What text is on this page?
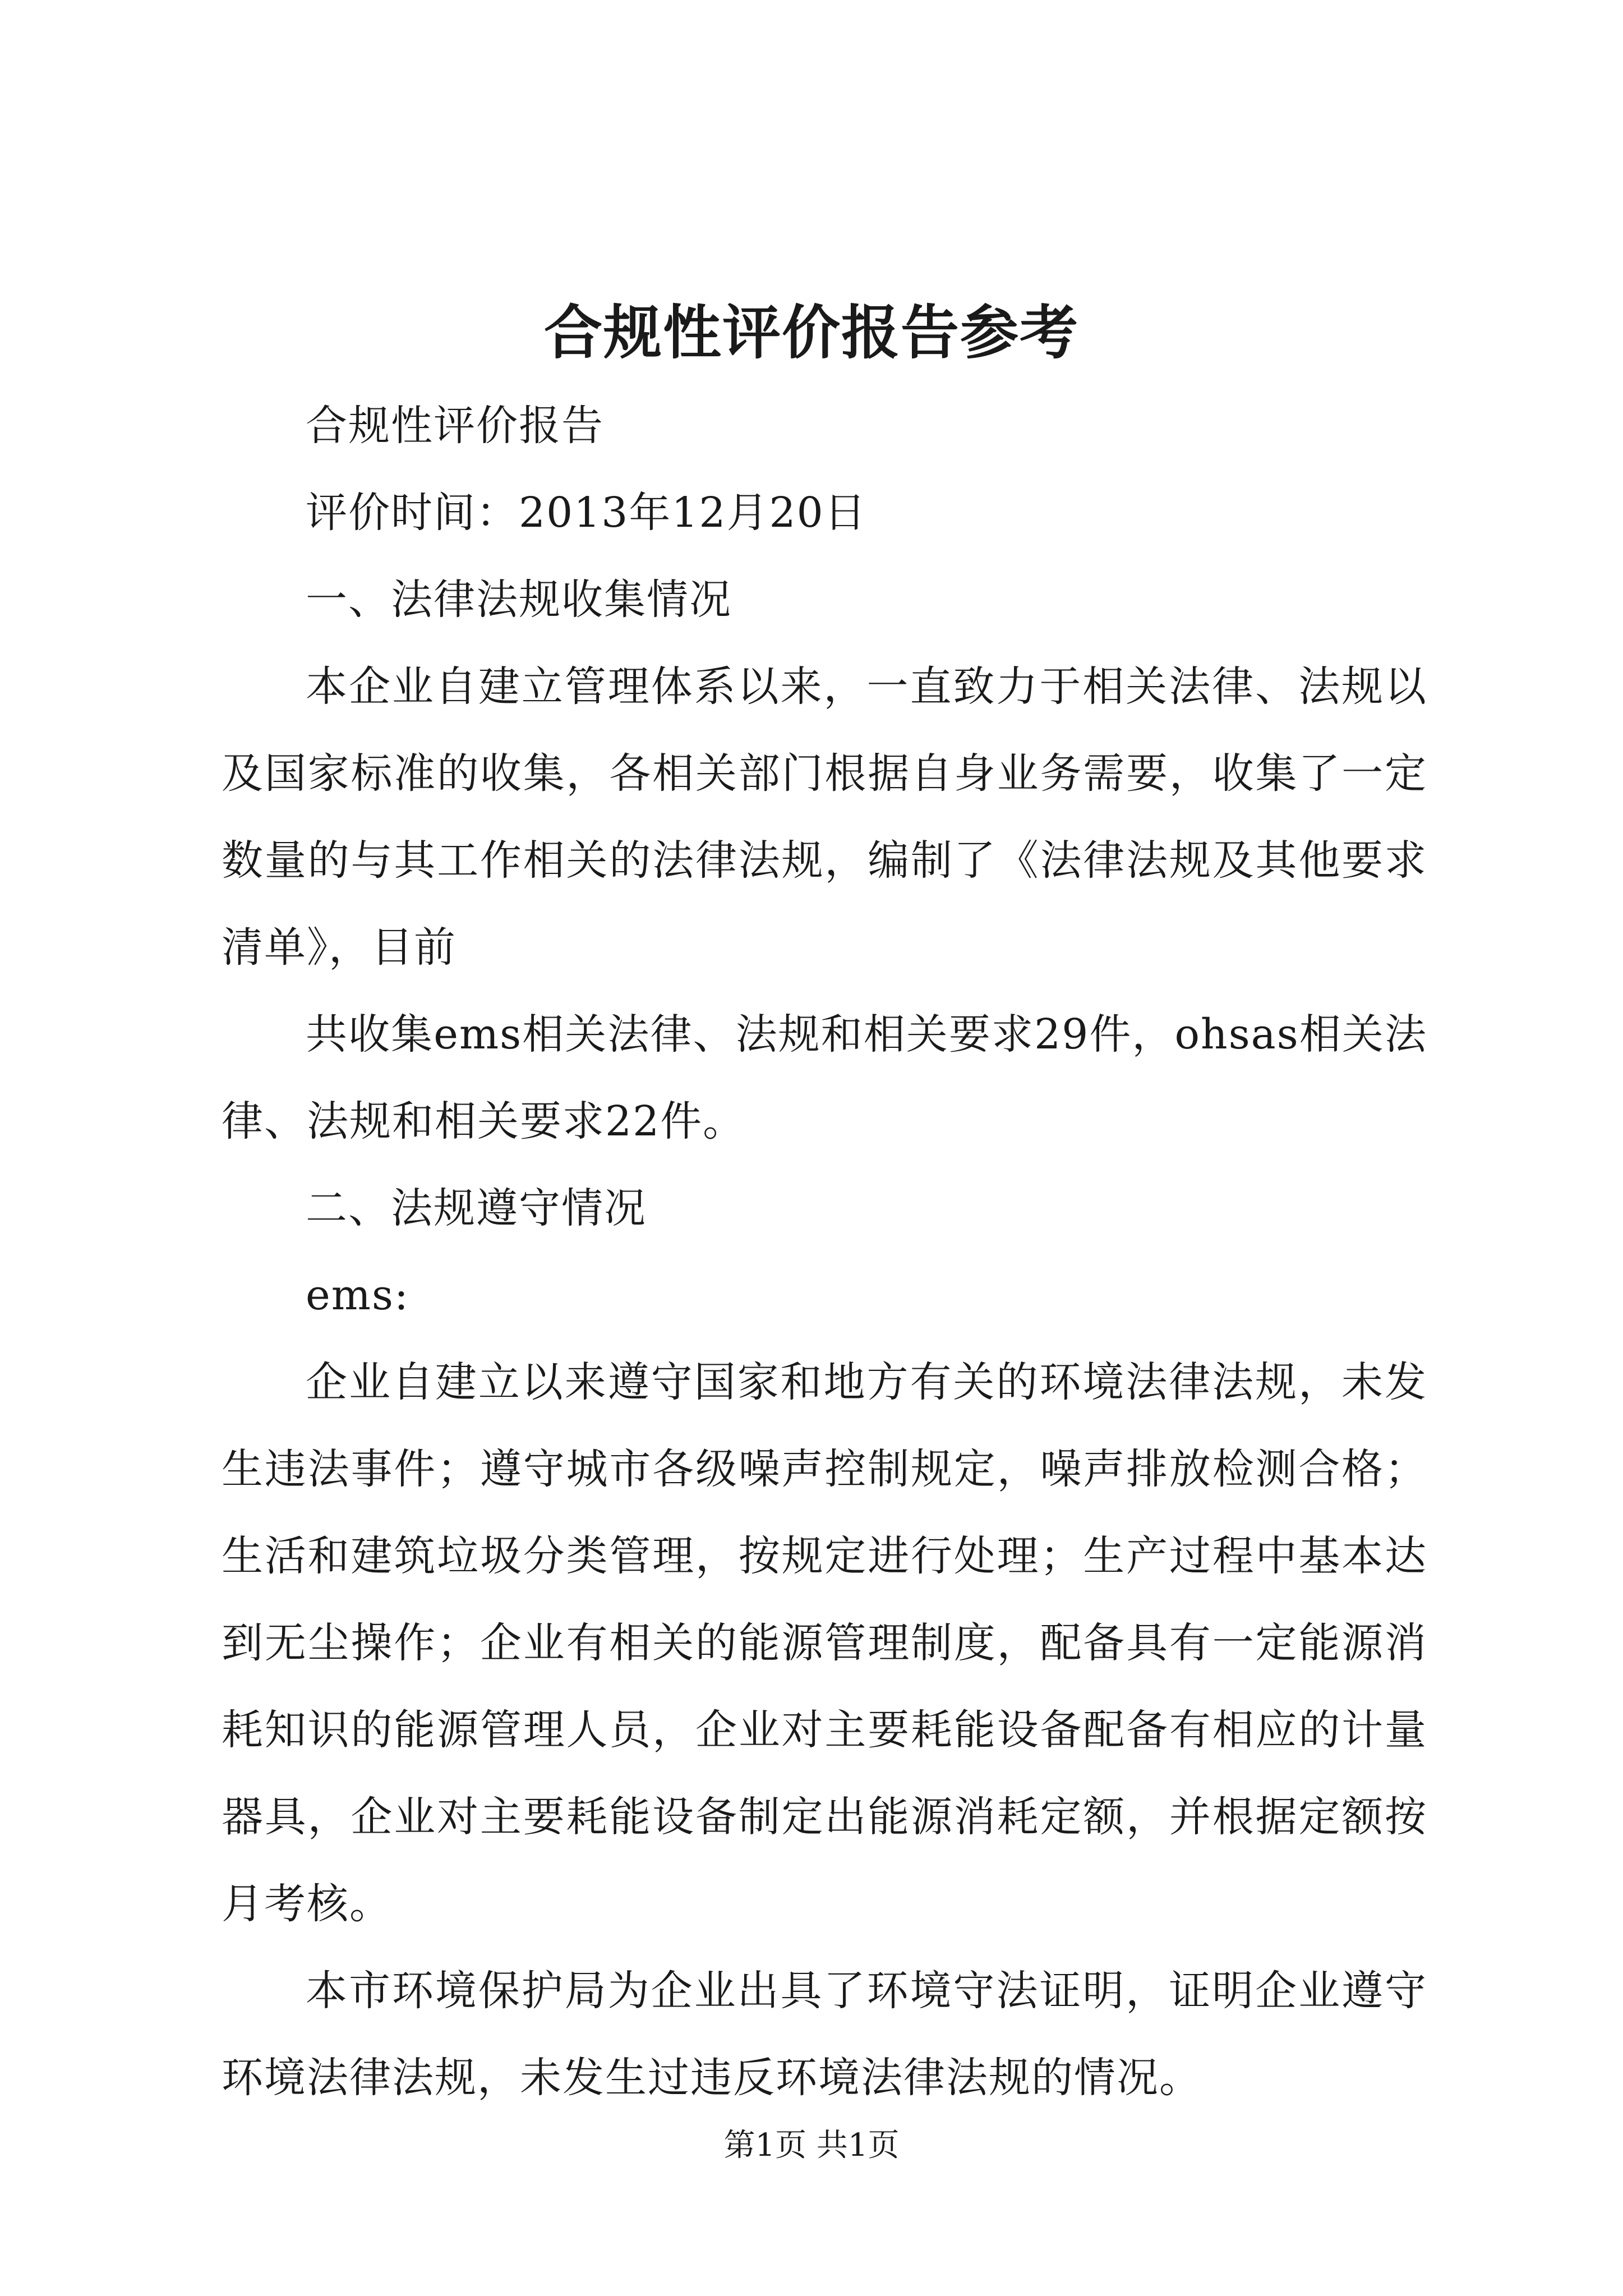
合规性评价报告参考

合规性评价报告

评价时间：2013年12月20日

一、法律法规收集情况

本企业自建立管理体系以来，一直致力于相关法律、法规以及国家标准的收集，各相关部门根据自身业务需要，收集了一定数量的与其工作相关的法律法规，编制了《法律法规及其他要求清单》，目前

共收集ems相关法律、法规和相关要求29件，ohsas相关法律、法规和相关要求22件。

二、法规遵守情况

ems:

企业自建立以来遵守国家和地方有关的环境法律法规，未发生违法事件；遵守城市各级噪声控制规定，噪声排放检测合格；生活和建筑垃圾分类管理，按规定进行处理；生产过程中基本达到无尘操作；企业有相关的能源管理制度，配备具有一定能源消耗知识的能源管理人员，企业对主要耗能设备配备有相应的计量器具，企业对主要耗能设备制定出能源消耗定额，并根据定额按月考核。

本市环境保护局为企业出具了环境守法证明，证明企业遵守环境法律法规，未发生过违反环境法律法规的情况。

第1页 共1页
